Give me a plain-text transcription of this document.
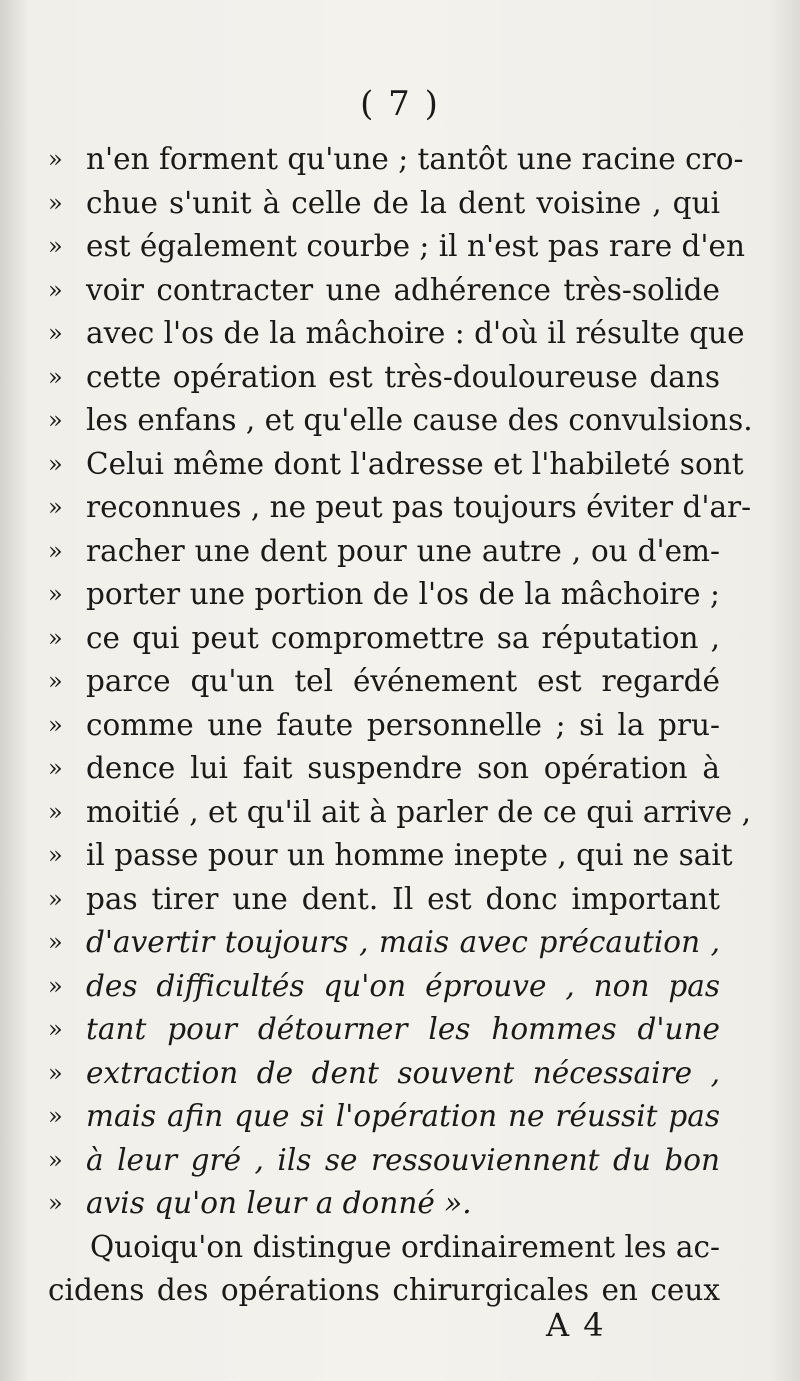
( 7 )
» n'en forment qu'une ; tantôt une racine cro-
» chue s'unit à celle de la dent voisine , qui
» est également courbe ; il n'est pas rare d'en
» voir contracter une adhérence très-solide
» avec l'os de la mâchoire : d'où il résulte que
» cette opération est très-douloureuse dans
» les enfans , et qu'elle cause des convulsions.
» Celui même dont l'adresse et l'habileté sont
» reconnues , ne peut pas toujours éviter d'ar-
» racher une dent pour une autre , ou d'em-
» porter une portion de l'os de la mâchoire ;
» ce qui peut compromettre sa réputation ,
» parce qu'un tel événement est regardé
» comme une faute personnelle ; si la pru-
» dence lui fait suspendre son opération à
» moitié , et qu'il ait à parler de ce qui arrive ,
» il passe pour un homme inepte , qui ne sait
» pas tirer une dent. Il est donc important
» d'avertir toujours , mais avec précaution ,
» des difficultés qu'on éprouve , non pas
» tant pour détourner les hommes d'une
» extraction de dent souvent nécessaire ,
» mais afin que si l'opération ne réussit pas
» à leur gré , ils se ressouviennent du bon
» avis qu'on leur a donné ».
Quoiqu'on distingue ordinairement les ac-
cidens des opérations chirurgicales en ceux
A 4
